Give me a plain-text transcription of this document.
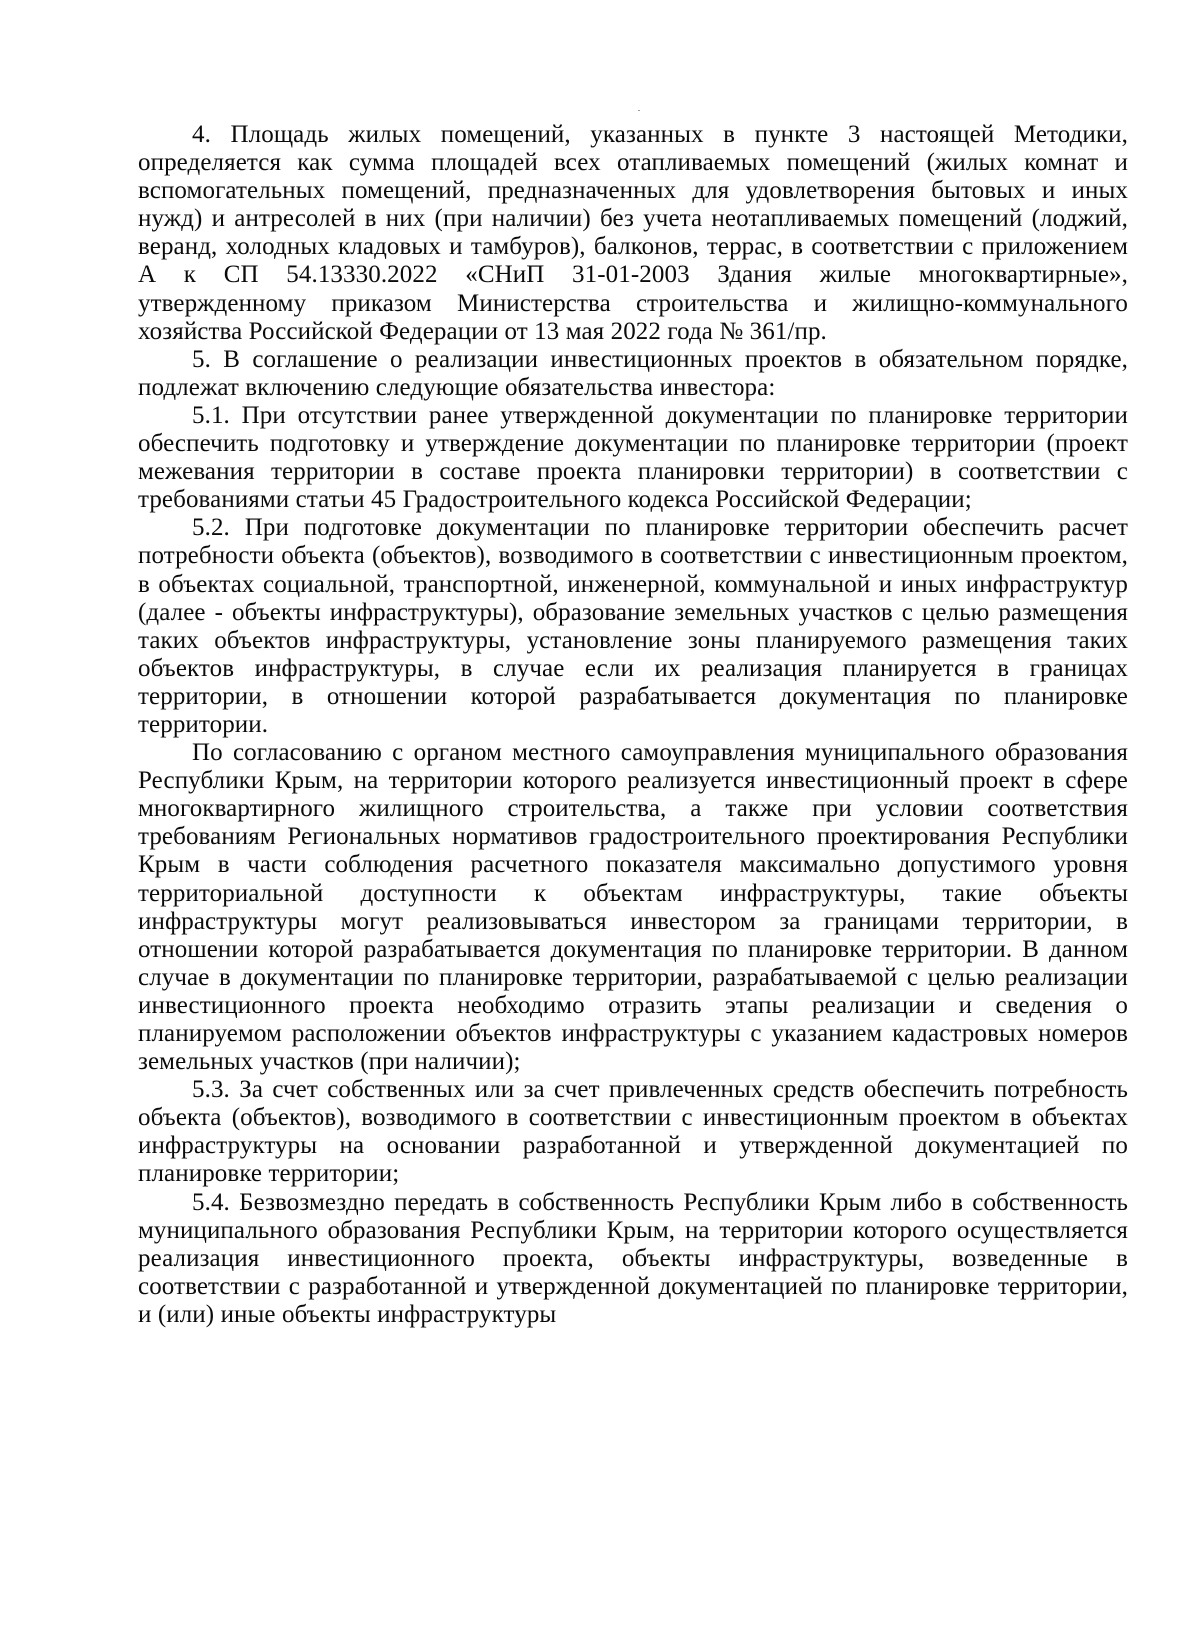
4. Площадь жилых помещений, указанных в пункте 3 настоящей Методики, определяется как сумма площадей всех отапливаемых помещений (жилых комнат и вспомогательных помещений, предназначенных для удовлетворения бытовых и иных нужд) и антресолей в них (при наличии) без учета неотапливаемых помещений (лоджий, веранд, холодных кладовых и тамбуров), балконов, террас, в соответствии с приложением А к СП 54.13330.2022 «СНиП 31-01-2003 Здания жилые многоквартирные», утвержденному приказом Министерства строительства и жилищно-коммунального хозяйства Российской Федерации от 13 мая 2022 года № 361/пр.

5. В соглашение о реализации инвестиционных проектов в обязательном порядке, подлежат включению следующие обязательства инвестора:

5.1. При отсутствии ранее утвержденной документации по планировке территории обеспечить подготовку и утверждение документации по планировке территории (проект межевания территории в составе проекта планировки территории) в соответствии с требованиями статьи 45 Градостроительного кодекса Российской Федерации;

5.2. При подготовке документации по планировке территории обеспечить расчет потребности объекта (объектов), возводимого в соответствии с инвестиционным проектом, в объектах социальной, транспортной, инженерной, коммунальной и иных инфраструктур (далее - объекты инфраструктуры), образование земельных участков с целью размещения таких объектов инфраструктуры, установление зоны планируемого размещения таких объектов инфраструктуры, в случае если их реализация планируется в границах территории, в отношении которой разрабатывается документация по планировке территории.

По согласованию с органом местного самоуправления муниципального образования Республики Крым, на территории которого реализуется инвестиционный проект в сфере многоквартирного жилищного строительства, а также при условии соответствия требованиям Региональных нормативов градостроительного проектирования Республики Крым в части соблюдения расчетного показателя максимально допустимого уровня территориальной доступности к объектам инфраструктуры, такие объекты инфраструктуры могут реализовываться инвестором за границами территории, в отношении которой разрабатывается документация по планировке территории. В данном случае в документации по планировке территории, разрабатываемой с целью реализации инвестиционного проекта необходимо отразить этапы реализации и сведения о планируемом расположении объектов инфраструктуры с указанием кадастровых номеров земельных участков (при наличии);

5.3. За счет собственных или за счет привлеченных средств обеспечить потребность объекта (объектов), возводимого в соответствии с инвестиционным проектом в объектах инфраструктуры на основании разработанной и утвержденной документацией по планировке территории;

5.4. Безвозмездно передать в собственность Республики Крым либо в собственность муниципального образования Республики Крым, на территории которого осуществляется реализация инвестиционного проекта, объекты инфраструктуры, возведенные в соответствии с разработанной и утвержденной документацией по планировке территории, и (или) иные объекты инфраструктуры
